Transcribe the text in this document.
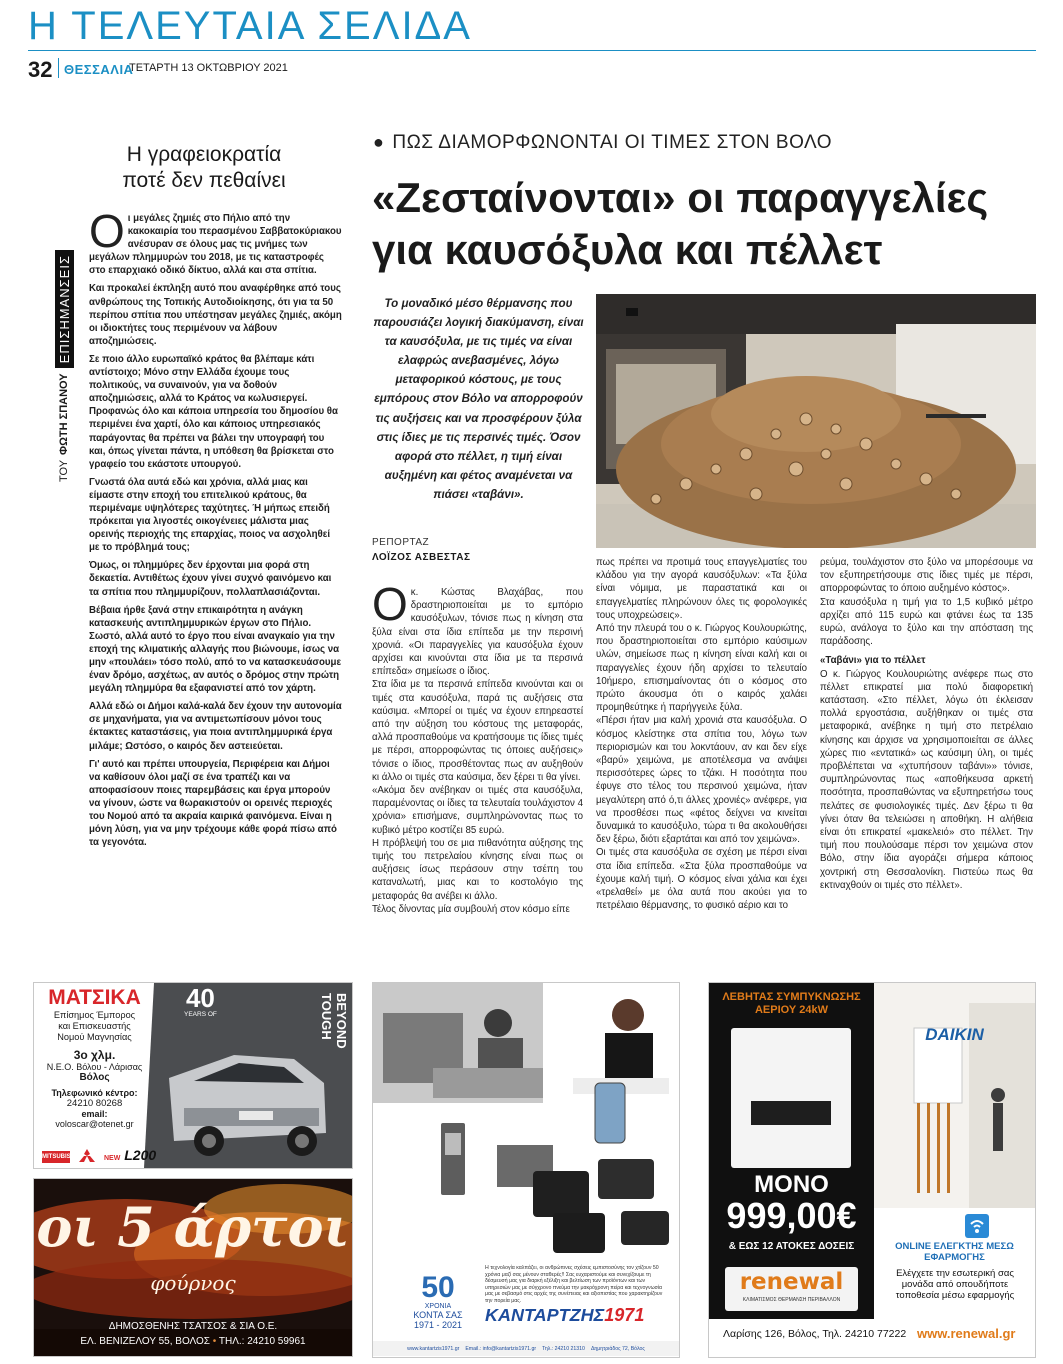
Η ΤΕΛΕΥΤΑΙΑ ΣΕΛΙΔΑ
32 ΘΕΣΣΑΛΙΑ
ΤΕΤΑΡΤΗ 13 ΟΚΤΩΒΡΙΟΥ 2021
Η γραφειοκρατία
ποτέ δεν πεθαίνει
ΤΟΥ
ΦΩΤΗ ΣΠΑΝΟΥ
ΕΠΙΣΗΜΑΝΣΕΙΣ

Οι μεγάλες ζημιές στο Πήλιο από την κακοκαιρία του περασμένου Σαββατοκύριακου ανέσυραν σε όλους μας τις μνήμες των μεγάλων πλημμυρών του 2018, με τις καταστροφές στο επαρχιακό οδικό δίκτυο, αλλά και στα σπίτια.

Και προκαλεί έκπληξη αυτό που αναφέρθηκε από τους ανθρώπους της Τοπικής Αυτοδιοίκησης, ότι για τα 50 περίπου σπίτια που υπέστησαν μεγάλες ζημιές, ακόμη οι ιδιοκτήτες τους περιμένουν να λάβουν αποζημιώσεις.

Σε ποιο άλλο ευρωπαϊκό κράτος θα βλέπαμε κάτι αντίστοιχο; Μόνο στην Ελλάδα έχουμε τους πολιτικούς, να συναινούν, για να δοθούν αποζημιώσεις, αλλά το Κράτος να κωλυσιεργεί. Προφανώς όλο και κάποια υπηρεσία του δημοσίου θα περιμένει ένα χαρτί, όλο και κάποιος υπηρεσιακός παράγοντας θα πρέπει να βάλει την υπογραφή του και, όπως γίνεται πάντα, η υπόθεση θα βρίσκεται στο γραφείο του εκάστοτε υπουργού.

Γνωστά όλα αυτά εδώ και χρόνια, αλλά μιας και είμαστε στην εποχή του επιτελικού κράτους, θα περιμέναμε υψηλότερες ταχύτητες. Ή μήπως επειδή πρόκειται για λιγοστές οικογένειες μάλιστα μιας ορεινής περιοχής της επαρχίας, ποιος να ασχοληθεί με το πρόβλημά τους;

Όμως, οι πλημμύρες δεν έρχονται μια φορά στη δεκαετία. Αντιθέτως έχουν γίνει συχνό φαινόμενο και τα σπίτια που πλημμυρίζουν, πολλαπλασιάζονται.

Βέβαια ήρθε ξανά στην επικαιρότητα η ανάγκη κατασκευής αντιπλημμυρικών έργων στο Πήλιο. Σωστό, αλλά αυτό το έργο που είναι αναγκαίο για την εποχή της κλιματικής αλλαγής που βιώνουμε, ίσως να μην «πουλάει» τόσο πολύ, από το να κατασκευάσουμε έναν δρόμο, ασχέτως, αν αυτός ο δρόμος στην πρώτη μεγάλη πλημμύρα θα εξαφανιστεί από τον χάρτη.

Αλλά εδώ οι Δήμοι καλά-καλά δεν έχουν την αυτονομία σε μηχανήματα, για να αντιμετωπίσουν μόνοι τους έκτακτες καταστάσεις, για ποια αντιπλημμυρικά έργα μιλάμε; Ωστόσο, ο καιρός δεν αστειεύεται.

Γι' αυτό και πρέπει υπουργεία, Περιφέρεια και Δήμοι να καθίσουν όλοι μαζί σε ένα τραπέζι και να αποφασίσουν ποιες παρεμβάσεις και έργα μπορούν να γίνουν, ώστε να θωρακιστούν οι ορεινές περιοχές του Νομού από τα ακραία καιρικά φαινόμενα. Είναι η μόνη λύση, για να μην τρέχουμε κάθε φορά πίσω από τα γεγονότα.

● ΠΩΣ ΔΙΑΜΟΡΦΩΝΟΝΤΑΙ ΟΙ ΤΙΜΕΣ ΣΤΟΝ ΒΟΛΟ
«Ζεσταίνονται» οι παραγγελίες
για καυσόξυλα και πέλλετ
Το μοναδικό μέσο θέρμανσης που παρουσιάζει λογική διακύμανση, είναι τα καυσόξυλα, με τις τιμές να είναι ελαφρώς ανεβασμένες, λόγω μεταφορικού κόστους, με τους εμπόρους στον Βόλο να απορροφούν τις αυξήσεις και να προσφέρουν ξύλα στις ίδιες με τις περσινές τιμές. Όσον αφορά στο πέλλετ, η τιμή είναι αυξημένη και φέτος αναμένεται να πιάσει «ταβάνι».
ΡΕΠΟΡΤΑΖ
ΛΟΪΖΟΣ ΑΣΒΕΣΤΑΣ

Οκ. Κώστας Βλαχάβας, που δραστηριοποιείται με το εμπόριο καυσόξυλων, τόνισε πως η κίνηση στα ξύλα είναι στα ίδια επίπεδα με την περσινή χρονιά. «Οι παραγγελίες για καυσόξυλα έχουν αρχίσει και κινούνται στα ίδια με τα περσινά επίπεδα» σημείωσε ο ίδιος.

Στα ίδια με τα περσινά επίπεδα κινούνται και οι τιμές στα καυσόξυλα, παρά τις αυξήσεις στα καύσιμα. «Μπορεί οι τιμές να έχουν επηρεαστεί από την αύξηση του κόστους της μεταφοράς, αλλά προσπαθούμε να κρατήσουμε τις ίδιες τιμές με πέρσι, απορροφώντας τις όποιες αυξήσεις» τόνισε ο ίδιος, προσθέτοντας πως αν αυξηθούν κι άλλο οι τιμές στα καύσιμα, δεν ξέρει τι θα γίνει.

«Ακόμα δεν ανέβηκαν οι τιμές στα καυσόξυλα, παραμένοντας οι ίδιες τα τελευταία τουλάχιστον 4 χρόνια» επισήμανε, συμπληρώνοντας πως το κυβικό μέτρο κοστίζει 85 ευρώ.

Η πρόβλεψή του σε μια πιθανότητα αύξησης της τιμής του πετρελαίου κίνησης είναι πως οι αυξήσεις ίσως περάσουν στην τσέπη του καταναλωτή, μιας και το κοστολόγιο της μεταφοράς θα ανέβει κι άλλο.

Τέλος δίνοντας μία συμβουλή στον κόσμο είπε

πως πρέπει να προτιμά τους επαγγελματίες του κλάδου για την αγορά καυσόξυλων: «Τα ξύλα είναι νόμιμα, με παραστατικά και οι επαγγελματίες πληρώνουν όλες τις φορολογικές τους υποχρεώσεις».

Από την πλευρά του ο κ. Γιώργος Κουλουριώτης, που δραστηριοποιείται στο εμπόριο καύσιμων υλών, σημείωσε πως η κίνηση είναι καλή και οι παραγγελίες έχουν ήδη αρχίσει το τελευταίο 10ήμερο, επισημαίνοντας ότι ο κόσμος στο πρώτο άκουσμα ότι ο καιρός χαλάει προμηθεύτηκε ή παρήγγειλε ξύλα.

«Πέρσι ήταν μια καλή χρονιά στα καυσόξυλα. Ο κόσμος κλείστηκε στα σπίτια του, λόγω των περιορισμών και του λοκντάουν, αν και δεν είχε «βαρύ» χειμώνα, με αποτέλεσμα να ανάψει περισσότερες ώρες το τζάκι. Η ποσότητα που έφυγε στο τέλος του περσινού χειμώνα, ήταν μεγαλύτερη από ό,τι άλλες χρονιές» ανέφερε, για να προσθέσει πως «φέτος δείχνει να κινείται δυναμικά το καυσόξυλο, τώρα τι θα ακολουθήσει δεν ξέρω, διότι εξαρτάται και από τον χειμώνα».

Οι τιμές στα καυσόξυλα σε σχέση με πέρσι είναι στα ίδια επίπεδα. «Στα ξύλα προσπαθούμε να έχουμε καλή τιμή. Ο κόσμος είναι χάλια και έχει «τρελαθεί» με όλα αυτά που ακούει για το πετρέλαιο θέρμανσης, το φυσικό αέριο και το

ρεύμα, τουλάχιστον στο ξύλο να μπορέσουμε να τον εξυπηρετήσουμε στις ίδιες τιμές με πέρσι, απορροφώντας το όποιο αυξημένο κόστος».

Στα καυσόξυλα η τιμή για το 1,5 κυβικό μέτρο αρχίζει από 115 ευρώ και φτάνει έως τα 135 ευρώ, ανάλογα το ξύλο και την απόσταση της παράδοσης.

«Ταβάνι» για το πέλλετ

Ο κ. Γιώργος Κουλουριώτης ανέφερε πως στο πέλλετ επικρατεί μια πολύ διαφορετική κατάσταση. «Στο πέλλετ, λόγω ότι έκλεισαν πολλά εργοστάσια, αυξήθηκαν οι τιμές στα μεταφορικά, ανέβηκε η τιμή στο πετρέλαιο κίνησης και άρχισε να χρησιμοποιείται σε άλλες χώρες πιο «εντατικά» ως καύσιμη ύλη, οι τιμές προβλέπεται να «χτυπήσουν ταβάνι»» τόνισε, συμπληρώνοντας πως «αποθήκευσα αρκετή ποσότητα, προσπαθώντας να εξυπηρετήσω τους πελάτες σε φυσιολογικές τιμές. Δεν ξέρω τι θα γίνει όταν θα τελειώσει η αποθήκη. Η αλήθεια είναι ότι επικρατεί «μακελειό» στο πέλλετ. Την τιμή που πουλούσαμε πέρσι τον χειμώνα στον Βόλο, στην ίδια αγοράζει σήμερα κάποιος χοντρική στη Θεσσαλονίκη. Πιστεύω πως θα εκτιναχθούν οι τιμές στο πέλλετ».

ΜΑΤΣΙΚΑ
Επίσημος Έμπορος
και Επισκευαστής
Νομού Μαγνησίας
3ο χλμ.
Ν.Ε.Ο. Βόλου - Λάρισας
Βόλος
Τηλεφωνικό κέντρο:
24210 80268
email:
voloscar@otenet.gr
40
YEARS OF	BEYOND
TOUGH
MITSUBISHI	NEW L200
οι 5 άρτοι
φούρνος
ΔΗΜΟΣΘΕΝΗΣ ΤΣΑΤΣΟΣ & ΣΙΑ Ο.Ε.
ΕΛ. ΒΕΝΙΖΕΛΟΥ 55, ΒΟΛΟΣ • ΤΗΛ.: 24210 59961
50
ΧΡΟΝΙΑ
ΚΟΝΤΑ ΣΑΣ
1971 - 2021
Η τεχνολογία καλπάζει, οι ανθρώπινες σχέσεις εμπιστοσύνης τον χτίζουν 50 χρόνια μαζί σας μένουν σταθερές!! Σας ευχαριστούμε και συνεχίζουμε τη δέσμευσή μας για διαρκή εξέλιξη και βελτίωση των προϊόντων και των υπηρεσιών μας με σύγχρονο πνεύμα την μακρόχρονη πείρα και τεχνογνωσία μας με σεβασμό στις αρχές της συνέπειας και αξιοπιστίας που χαρακτηρίζουν την πορεία μας.
ΚΑΝΤΑΡΤΖΗΣ1971
www.kantartzis1971.gr Email.: info@kantartzis1971.gr Τηλ.: 24210 21310 Δημητριάδος 72, Βόλος
ΛΕΒΗΤΑΣ ΣΥΜΠΥΚΝΩΣΗΣ
ΑΕΡΙΟΥ 24kW
DAIKIN
ΜΟΝΟ
999,00€
& ΕΩΣ 12 ΑΤΟΚΕΣ ΔΟΣΕΙΣ
renewal
ΚΛΙΜΑΤΙΣΜΟΣ ΘΕΡΜΑΝΣΗ ΠΕΡΙΒΑΛΛΟΝ
ONLINE ΕΛΕΓΚΤΗΣ ΜΕΣΩ
ΕΦΑΡΜΟΓΗΣ
Ελέγχετε την εσωτερική σας μονάδα από οπουδήποτε τοποθεσία μέσω εφαρμογής
Λαρίσης 126, Βόλος, Τηλ. 24210 77222 www.renewal.gr
